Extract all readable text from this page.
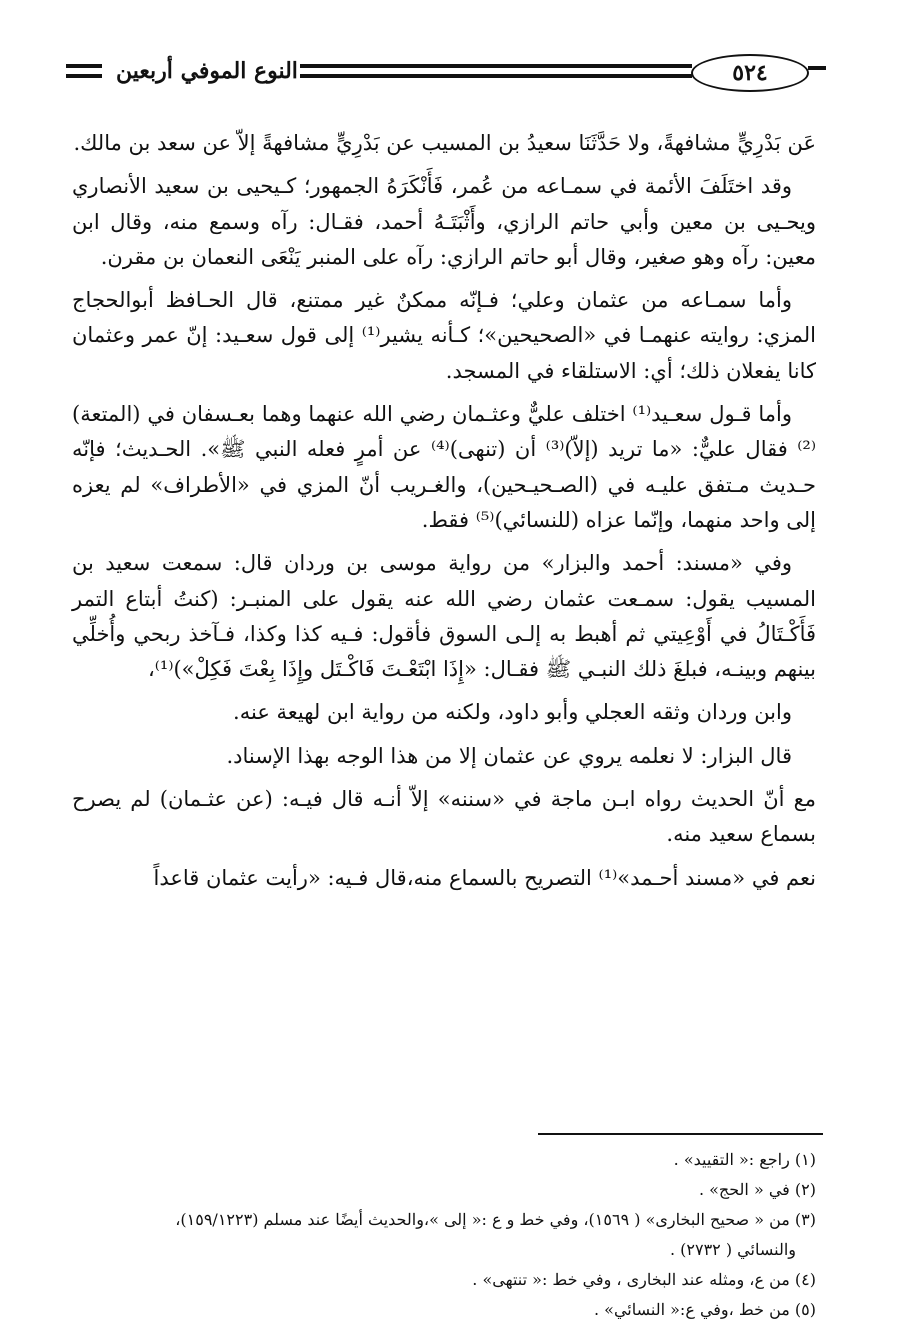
النوع الموفي أربعين	٥٢٤

عَن بَدْرِيٍّ مشافهةً، ولا حَدَّثَنَا سعيدُ بن المسيب عن بَدْرِيٍّ مشافهةً إلاّ عن سعد بن مالك.

وقد اختَلَفَ الأئمة في سمـاعه من عُمر، فَأَنْكَرَهُ الجمهور؛ كـيحيى بن سعيد الأنصاري ويحـيى بن معين وأبي حاتم الرازي، وأَثْبَتَـهُ أحمد، فقـال: رآه وسمع منه، وقال ابن معين: رآه وهو صغير، وقال أبو حاتم الرازي: رآه على المنبر يَنْعَى النعمان بن مقرن.

وأما سمـاعه من عثمان وعلي؛ فـإنّه ممكنٌ غير ممتنع، قال الحـافظ أبوالحجاج المزي: روايته عنهمـا في «الصحيحين»؛ كـأنه يشير⁽¹⁾ إلى قول سعـيد: إنّ عمر وعثمان كانا يفعلان ذلك؛ أي: الاستلقاء في المسجد.

وأما قـول سعـيد⁽¹⁾ اختلف عليٌّ وعثـمان رضي الله عنهما وهما بعـسفان في (المتعة)⁽²⁾ فقال عليٌّ: «ما تريد (إلاّ)⁽³⁾ أن (تنهى)⁽⁴⁾ عن أمرٍ فعله النبي ﷺ». الحـديث؛ فإنّه حـديث مـتفق عليـه في (الصـحيـحين)، والغـريب أنّ المزي في «الأطراف» لم يعزه إلى واحد منهما، وإنّما عزاه (للنسائي)⁽⁵⁾ فقط.

وفي «مسند: أحمد والبزار» من رواية موسى بن وردان قال: سمعت سعيد بن المسيب يقول: سمـعت عثمان رضي الله عنه يقول على المنبـر: (كنتُ أبتاع التمر فَأَكْـتَالُ في أَوْعِيتي ثم أهبط به إلـى السوق فأقول: فـيه كذا وكذا، فـآخذ ربحي وأُخلِّي بينهم وبينـه، فبلغَ ذلك النبـي ﷺ فقـال: «إِذَا ابْتَعْـتَ فَاكْـتَل وإِذَا بِعْتَ فَكِلْ»)⁽¹⁾،

وابن وردان وثقه العجلي وأبو داود، ولكنه من رواية ابن لهيعة عنه.

قال البزار: لا نعلمه يروي عن عثمان إلا من هذا الوجه بهذا الإسناد.

مع أنّ الحديث رواه ابـن ماجة في «سننه» إلاّ أنـه قال فيـه: (عن عثـمان) لم يصرح بسماع سعيد منه.

نعم في «مسند أحـمد»⁽¹⁾ التصريح بالسماع منه،قال فـيه: «رأيت عثمان قاعداً

(١) راجع :« التقييد» .
(٢) في « الحج» .
(٣) من « صحيح البخارى» ( ١٥٦٩)، وفي خط و ع :« إلى »،والحديث أيضًا عند مسلم (١٥٩/١٢٢٣)،
والنسائي ( ٢٧٣٢) .
(٤) من ع، ومثله عند البخارى ، وفي خط :« تنتهى» .
(٥) من خط ،وفي ع:« النسائي» .
